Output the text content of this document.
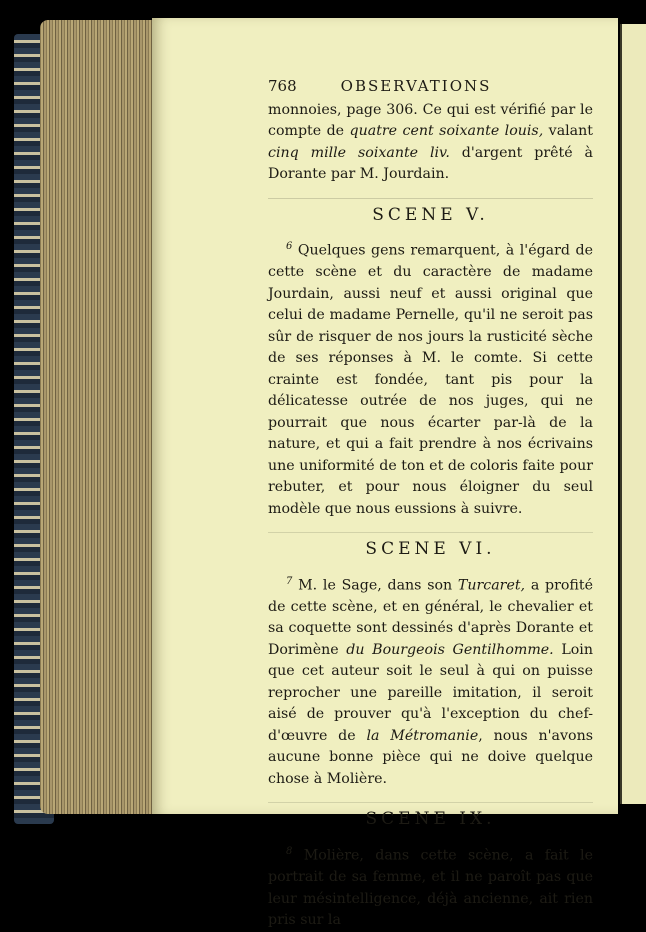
768	OBSERVATIONS

monnoies, page 306. Ce qui est vérifié par le compte de quatre cent soixante louis, valant cinq mille soixante liv. d'argent prêté à Dorante par M. Jourdain.

SCENE V.

$^6$ Quelques gens remarquent, à l'égard de cette scène et du caractère de madame Jourdain, aussi neuf et aussi original que celui de madame Pernelle, qu'il ne seroit pas sûr de risquer de nos jours la rusticité sèche de ses réponses à M. le comte. Si cette crainte est fondée, tant pis pour la délicatesse outrée de nos juges, qui ne pourrait que nous écarter par-là de la nature, et qui a fait prendre à nos écrivains une uniformité de ton et de coloris faite pour rebuter, et pour nous éloigner du seul modèle que nous eussions à suivre.

SCENE VI.

$^7$ M. le Sage, dans son Turcaret, a profité de cette scène, et en général, le chevalier et sa coquette sont dessinés d'après Dorante et Dorimène du Bourgeois Gentilhomme. Loin que cet auteur soit le seul à qui on puisse reprocher une pareille imitation, il seroit aisé de prouver qu'à l'exception du chef-d'œuvre de la Métromanie, nous n'avons aucune bonne pièce qui ne doive quelque chose à Molière.

SCENE IX.

$^8$ Molière, dans cette scène, a fait le portrait de sa femme, et il ne paroît pas que leur mésintelligence, déjà ancienne, ait rien pris sur la
